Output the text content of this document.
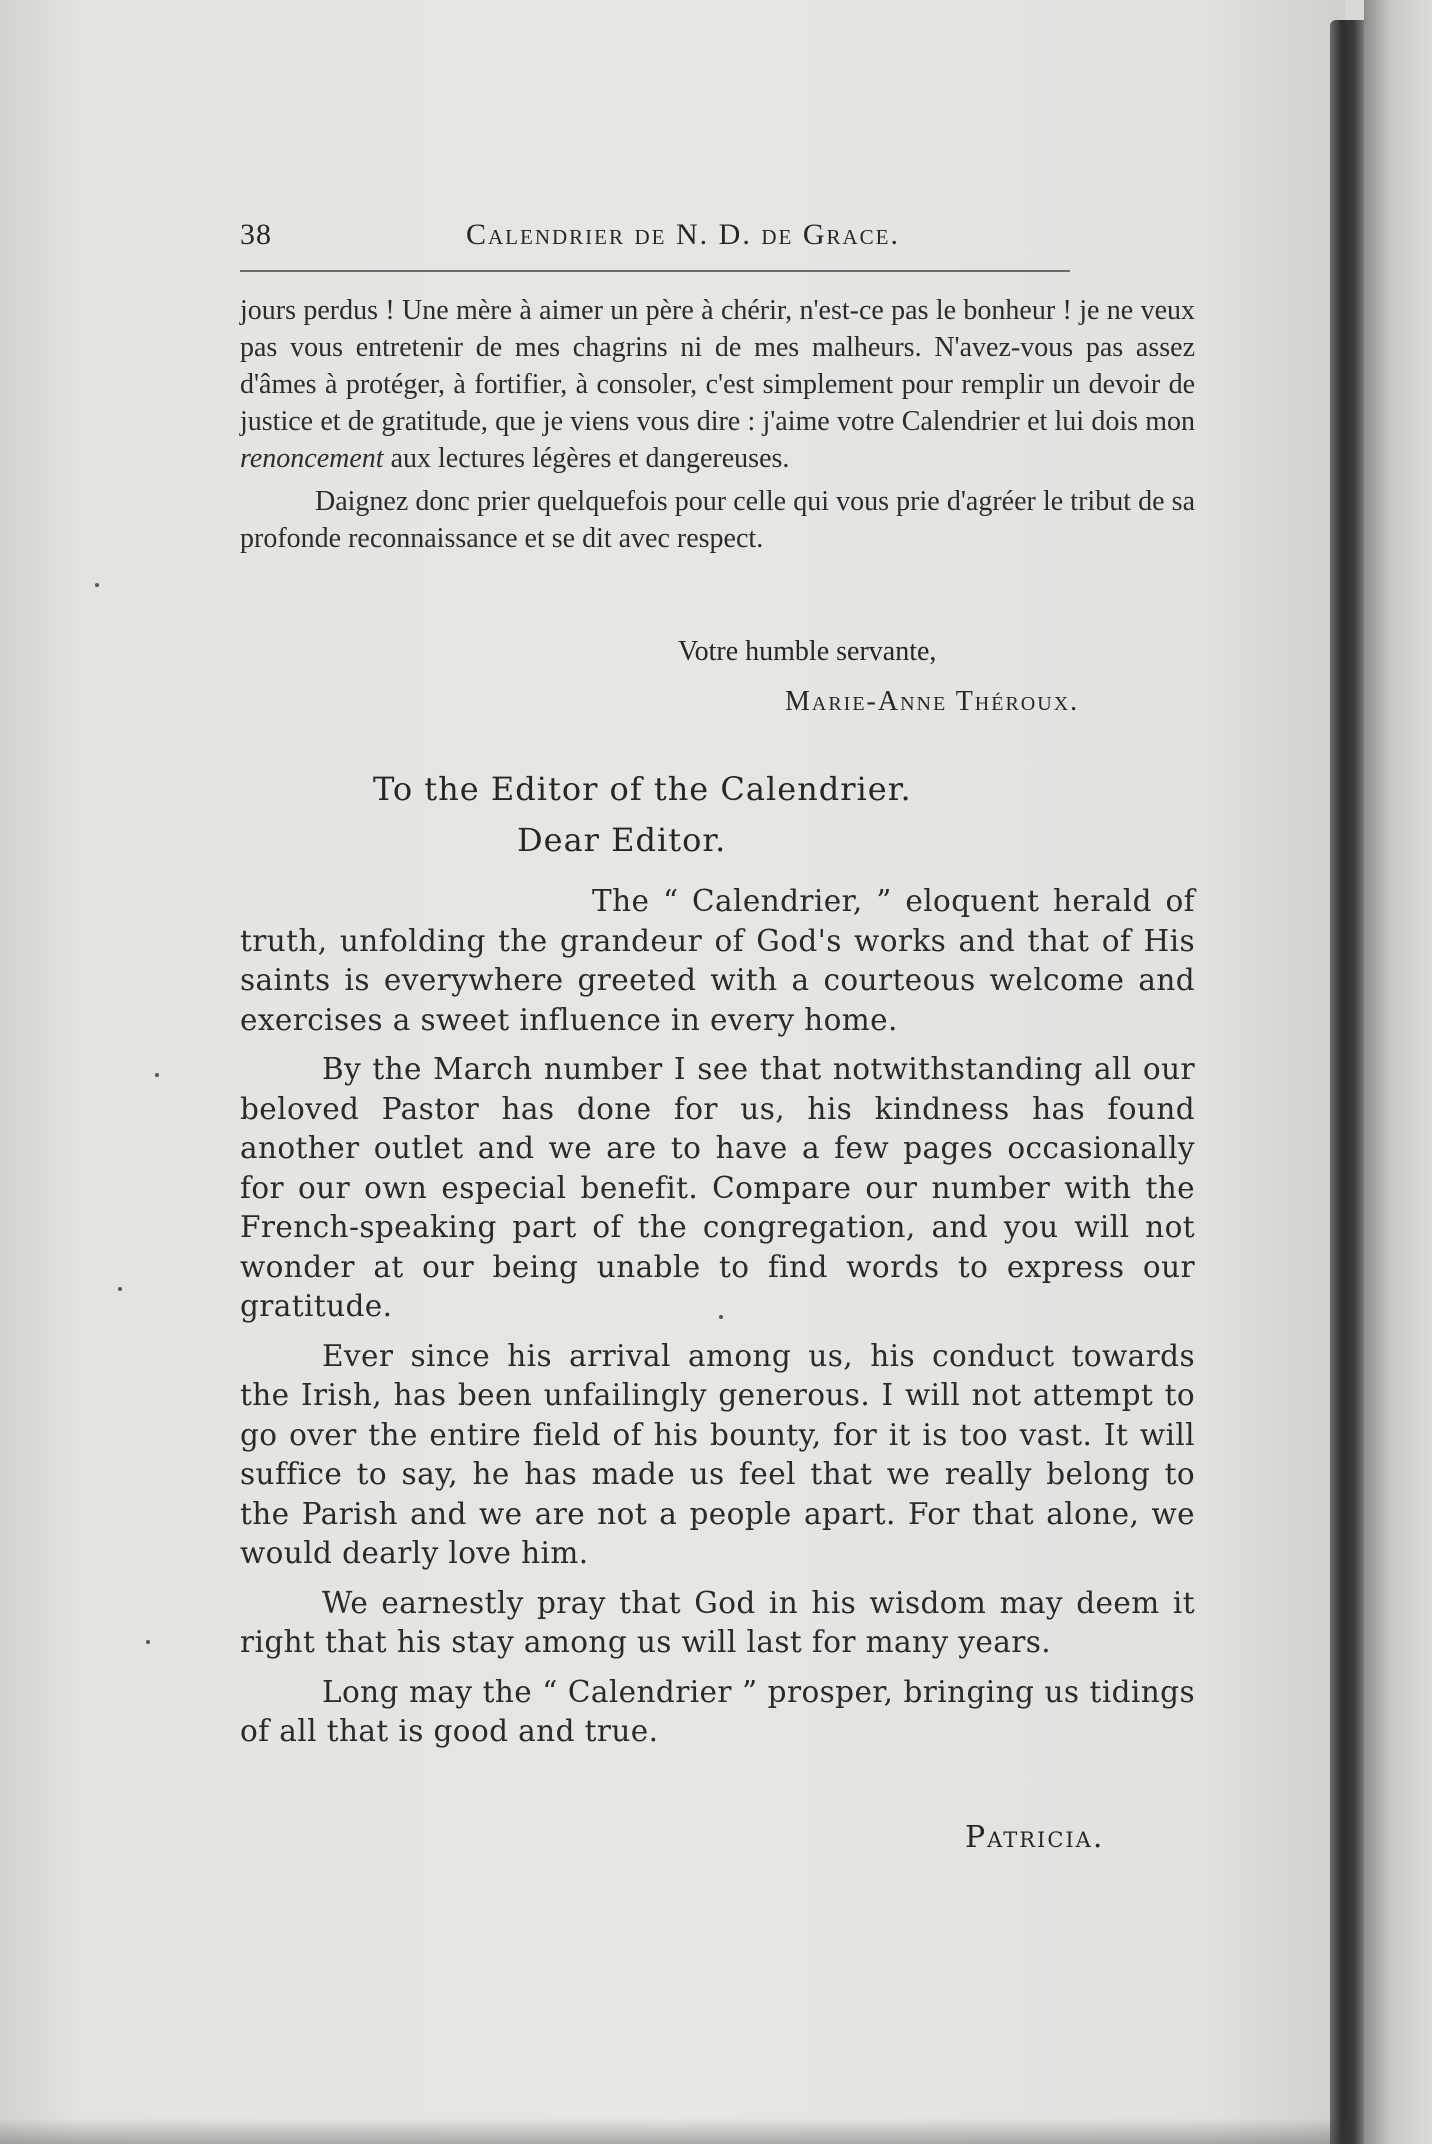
38	Calendrier de N. D. de Grace.

jours perdus ! Une mère à aimer un père à chérir, n'est-ce pas le bonheur ! je ne veux pas vous entretenir de mes chagrins ni de mes malheurs. N'avez-vous pas assez d'âmes à protéger, à fortifier, à consoler, c'est simplement pour remplir un devoir de justice et de gratitude, que je viens vous dire : j'aime votre Calendrier et lui dois mon renoncement aux lectures légères et dangereuses.

Daignez donc prier quelquefois pour celle qui vous prie d'agréer le tribut de sa profonde reconnaissance et se dit avec respect.

Votre humble servante,
Marie-Anne Théroux.
To the Editor of the Calendrier.
Dear Editor.

The “ Calendrier, ” eloquent herald of truth, unfolding the grandeur of God's works and that of His saints is everywhere greeted with a courteous welcome and exercises a sweet influence in every home.

By the March number I see that notwithstanding all our beloved Pastor has done for us, his kindness has found another outlet and we are to have a few pages occasionally for our own especial benefit. Compare our number with the French-speaking part of the congregation, and you will not wonder at our being unable to find words to express our gratitude.

Ever since his arrival among us, his conduct towards the Irish, has been unfailingly generous. I will not attempt to go over the entire field of his bounty, for it is too vast. It will suffice to say, he has made us feel that we really belong to the Parish and we are not a people apart. For that alone, we would dearly love him.

We earnestly pray that God in his wisdom may deem it right that his stay among us will last for many years.

Long may the “ Calendrier ” prosper, bringing us tidings of all that is good and true.

Patricia.
